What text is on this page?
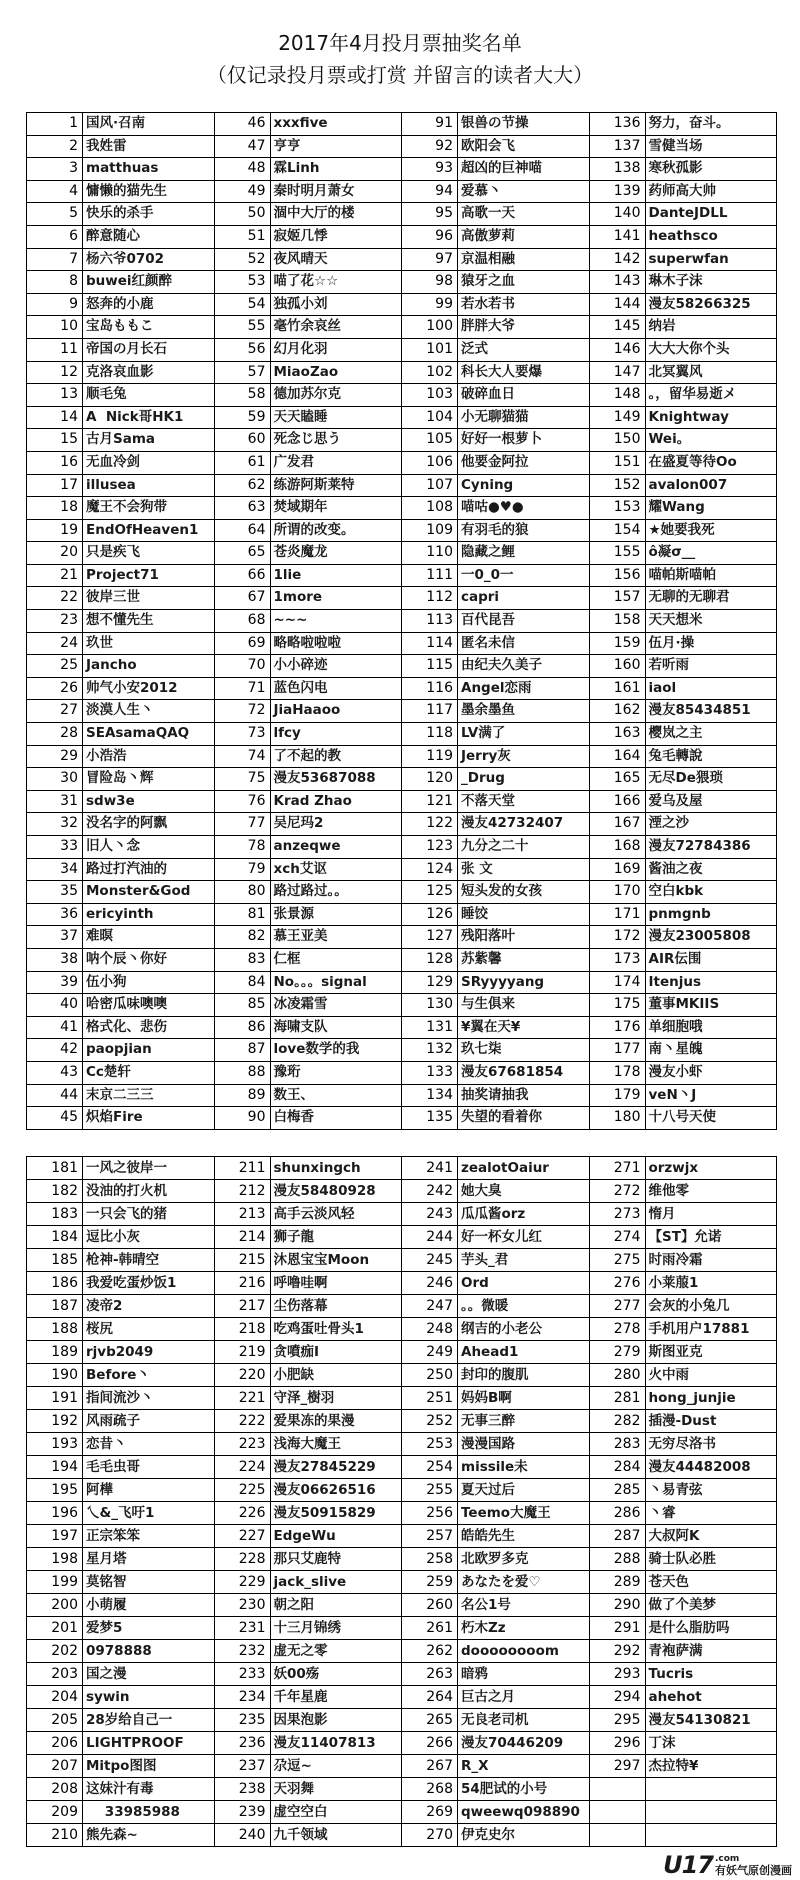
2017年4月投月票抽奖名单
（仅记录投月票或打赏 并留言的读者大大）
1 国风·召南
2 我姓雷
3 matthuas
4 慵懒的猫先生
5 快乐的杀手
6 醉意随心
7 杨六爷0702
8 buwei红颜醉
9 怒奔的小鹿
10 宝岛ももこ
11 帝国の月长石
12 克洛哀血影
13 顺毛兔
14 A  Nick哥HK1
15 古月Sama
16 无血冷剑
17 illusea
18 魔王不会狗带
19 EndOfHeaven1
20 只是疾飞
21 Project71
22 彼岸三世
23 想不懂先生
24 玖世
25 Jancho
26 帅气小安2012
27 淡漠人生丶
28 SEAsamaQAQ
29 小浩浩
30 冒险岛丶辉
31 sdw3e
32 没名字的阿飘
33 旧人丶念
34 路过打汽油的
35 Monster&God
36 ericyinth
37 难暝
38 呐个辰丶你好
39 伍小狗
40 哈密瓜味噢噢
41 格式化、悲伤
42 paopjian
43 Cc楚轩
44 末京二三三
45 炽焰Fire
46 xxxfive
47 亨亨
48 霖Linh
49 秦时明月萧女
50 涸中大厅的楼
51 寂姬几悸
52 夜风晴天
53 喵了花☆☆
54 独孤小刘
55 毫竹余哀丝
56 幻月化羽
57 MiaoZao
58 德加苏尔克
59 天天瞌睡
60 死念じ思う
61 广发君
62 练游阿斯莱特
63 焚域期年
64 所谓的改变。
65 苍炎魔龙
66 1lie
67 1more
68 ~~~
69 略略啦啦啦
70 小小碎迹
71 蓝色闪电
72 JiaHaaoo
73 lfcy
74 了不起的教
75 漫友53687088
76 Krad Zhao
77 吴尼玛2
78 anzeqwe
79 xch艾讴
80 路过路过。。
81 张景源
82 慕王亚美
83 仁框
84 No。。。signal
85 冰凌霜雪
86 海啸支队
87 love数学的我
88 豫珩
89 数王、
90 白梅香
91 银兽の节操
92 欧阳会飞
93 超凶的巨神喵
94 爱慕丶
95 高歌一天
96 高傲萝莉
97 京温相融
98 猿牙之血
99 若水若书
100 胖胖大爷
101 泛式
102 科长大人要爆
103 破碎血日
104 小无聊猫猫
105 好好一根萝卜
106 他要金阿拉
107 Cyning
108 喵咕●♥●
109 有羽毛的狼
110 隐藏之鲤
111 一0_0一
112 capri
113 百代昆吾
114 匿名未信
115 由纪夫久美子
116 Angel恋雨
117 墨余墨鱼
118 LV满了
119 Jerry灰
120 _Drug
121 不落天堂
122 漫友42732407
123 九分之二十
124 张 文
125 短头发的女孩
126 睡饺
127 残阳落叶
128 苏紫馨
129 SRyyyyang
130 与生俱来
131 ¥翼在天¥
132 玖七柒
133 漫友67681854
134 抽奖请抽我
135 失望的看着你
136 努力，奋斗。
137 雪健当场
138 寒秋孤影
139 药师高大帅
140 DanteJDLL
141 heathsco
142 superwfan
143 琳木子沫
144 漫友58266325
145 纳岩
146 大大大你个头
147 北冥翼风
148 。，留华易逝メ
149 Knightway
150 Wei。
151 在盛夏等待Oo
152 avalon007
153 耀Wang
154 ★她要我死
155 ô凝σ__
156 喵帕斯喵帕
157 无聊的无聊君
158 天天想米
159 伍月·操
160 若听雨
161 iaol
162 漫友85434851
163 樱岚之主
164 兔毛轉說
165 无尽De猥琐
166 爱乌及屋
167 湮之沙
168 漫友72784386
169 酱油之夜
170 空白kbk
171 pnmgnb
172 漫友23005808
173 AIR伝围
174 Itenjus
175 董事MKIIS
176 单细胞哦
177 南丶星魄
178 漫友小虾
179 veN丶J
180 十八号天使
181 一风之彼岸一
182 没油的打火机
183 一只会飞的猪
184 逗比小灰
185 枪神-韩晴空
186 我爱吃蛋炒饭1
187 凌帝2
188 桜尻
189 rjvb2049
190 Before丶
191 指间流沙丶
192 风雨疏子
193 恋昔丶
194 毛毛虫哥
195 阿樺
196 乀&_飞吁1
197 正宗笨笨
198 星月塔
199 莫铭智
200 小萌履
201 爱梦5
202 0978888
203 国之漫
204 sywin
205 28岁给自己一
206 LIGHTPROOF
207 Mitpo图图
208 这妹汁有毒
209 33985988
210 熊先森~
211 shunxingch
212 漫友58480928
213 高手云淡风轻
214 狮子龍
215 沐恩宝宝Moon
216 呼噜哇啊
217 尘伤落幕
218 吃鸡蛋吐骨头1
219 贪噴痂I
220 小肥缺
221 守泽_樹羽
222 爱果冻的果漫
223 浅海大魔王
224 漫友27845229
225 漫友06626516
226 漫友50915829
227 EdgeWu
228 那只艾鹿特
229 jack_slive
230 朝之阳
231 十三月锦绣
232 虚无之零
233 妖00殇
234 千年星鹿
235 因果泡影
236 漫友11407813
237 尕逗~
238 天羽舞
239 虚空空白
240 九千领域
241 zealotOaiur
242 她大臭
243 瓜瓜酱orz
244 好一杯女儿红
245 芋头_君
246 Ord
247 。。微暖
248 纲吉的小老公
249 Ahead1
250 封印的腹肌
251 妈妈B啊
252 无事三醉
253 漫漫国路
254 missile未
255 夏天过后
256 Teemo大魔王
257 皓皓先生
258 北欧罗多克
259 あなたを爱♡
260 名公1号
261 朽木Zz
262 doooooooom
263 暗鸦
264 巨古之月
265 无良老司机
266 漫友70446209
267 R_X
268 54肥试的小号
269 qweewq098890
270 伊克史尔
271 orzwjx
272 维他零
273 惰月
274 【ST】允诺
275 时雨冷霜
276 小莱菔1
277 会灰的小兔几
278 手机用户17881
279 斯图亚克
280 火中雨
281 hong_junjie
282 插漫-Dust
283 无穷尽洛书
284 漫友44482008
285 丶易青弦
286 丶睿
287 大叔阿K
288 骑士队必胜
289 苍天色
290 做了个美梦
291 是什么脂肪吗
292 青袍萨满
293 Tucris
294 ahehot
295 漫友54130821
296 丁沫
297 杰拉特¥
U17 .com
有妖气原创漫画
